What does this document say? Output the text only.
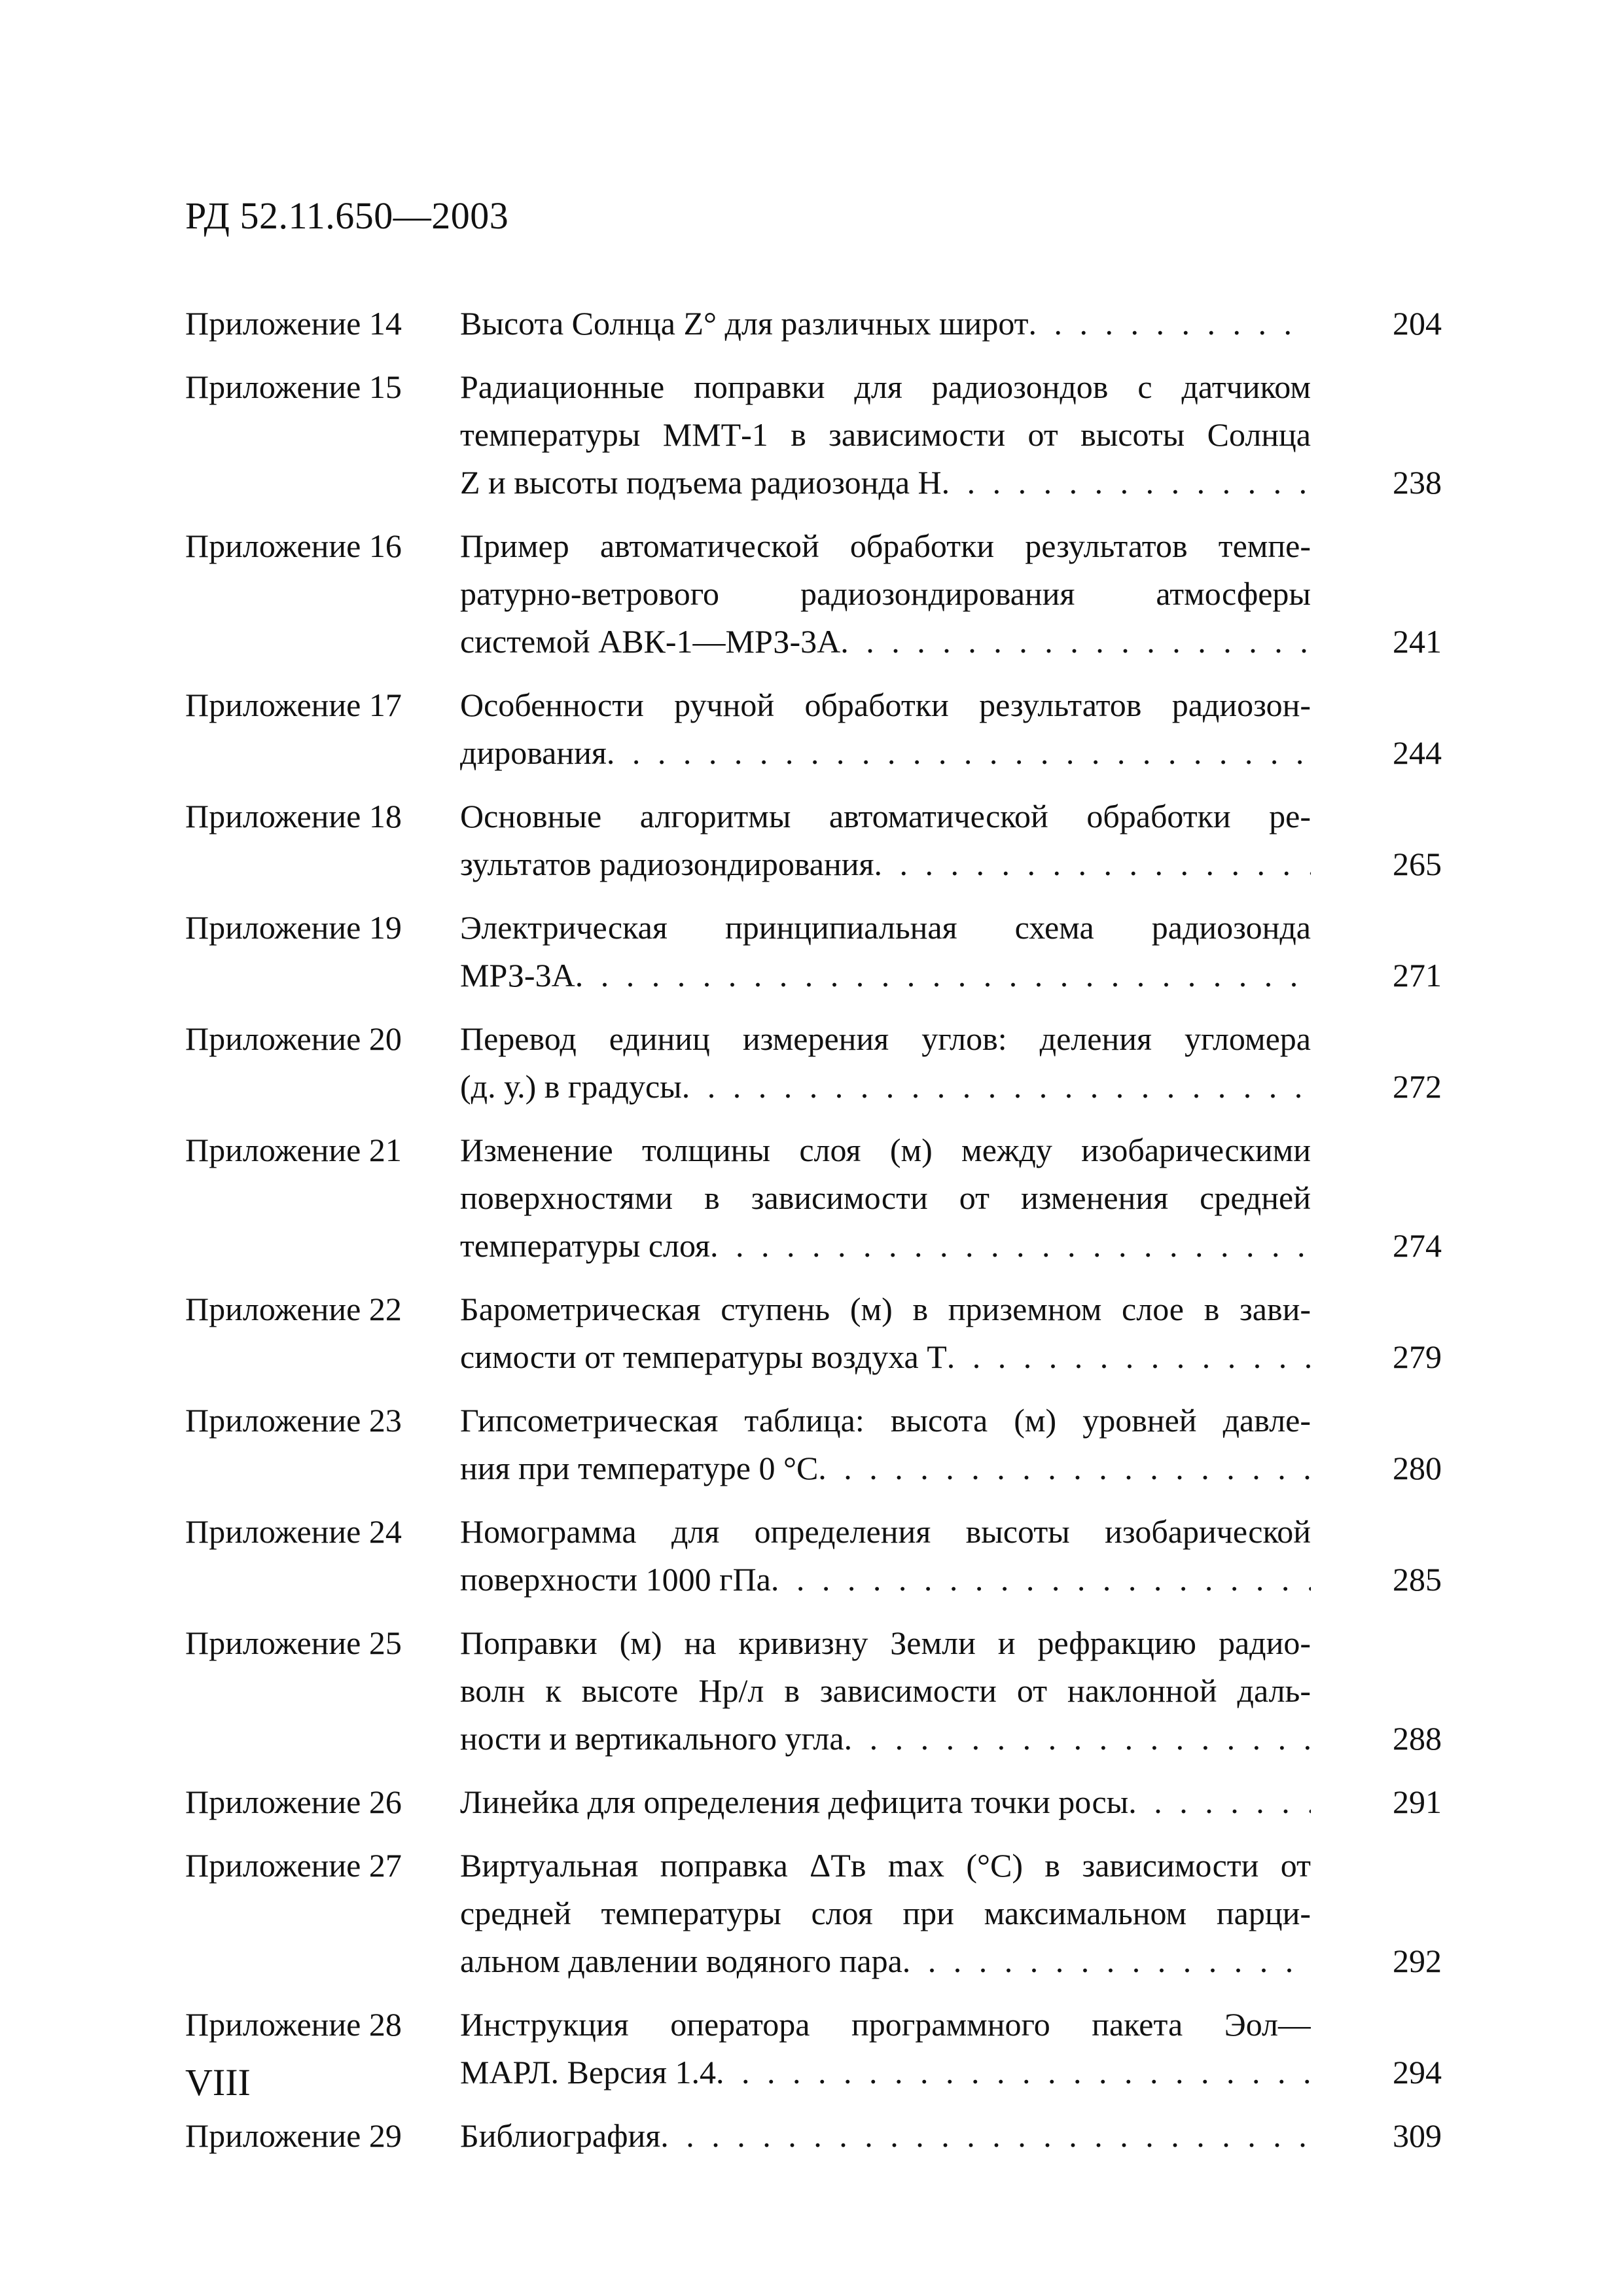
РД 52.11.650—2003
Приложение 14	Высота Солнца Z° для различных широт . . .	204
Приложение 15	Радиационные поправки для радиозондов с датчиком
температуры ММТ-1 в зависимости от высоты Солнца
Z и высоты подъема радиозонда H . . .	238
Приложение 16	Пример автоматической обработки результатов темпе-
ратурно-ветрового радиозондирования атмосферы
системой АВК-1—МРЗ-3А . . .	241
Приложение 17	Особенности ручной обработки результатов радиозон-
дирования . . .	244
Приложение 18	Основные алгоритмы автоматической обработки ре-
зультатов радиозондирования . . .	265
Приложение 19	Электрическая принципиальная схема радиозонда
МРЗ-3А . . .	271
Приложение 20	Перевод единиц измерения углов: деления угломера
(д. у.) в градусы . . .	272
Приложение 21	Изменение толщины слоя (м) между изобарическими
поверхностями в зависимости от изменения средней
температуры слоя . . .	274
Приложение 22	Барометрическая ступень (м) в приземном слое в зави-
симости от температуры воздуха T . . .	279
Приложение 23	Гипсометрическая таблица: высота (м) уровней давле-
ния при температуре 0 °С . . .	280
Приложение 24	Номограмма для определения высоты изобарической
поверхности 1000 гПа . . .	285
Приложение 25	Поправки (м) на кривизну Земли и рефракцию радио-
волн к высоте Hр/л в зависимости от наклонной даль-
ности и вертикального угла . . .	288
Приложение 26	Линейка для определения дефицита точки росы . . .	291
Приложение 27	Виртуальная поправка ΔTв max (°С) в зависимости от
средней температуры слоя при максимальном парци-
альном давлении водяного пара . . .	292
Приложение 28	Инструкция оператора программного пакета Эол—
МАРЛ. Версия 1.4 . . .	294
Приложение 29	Библиография . . .	309
VIII
